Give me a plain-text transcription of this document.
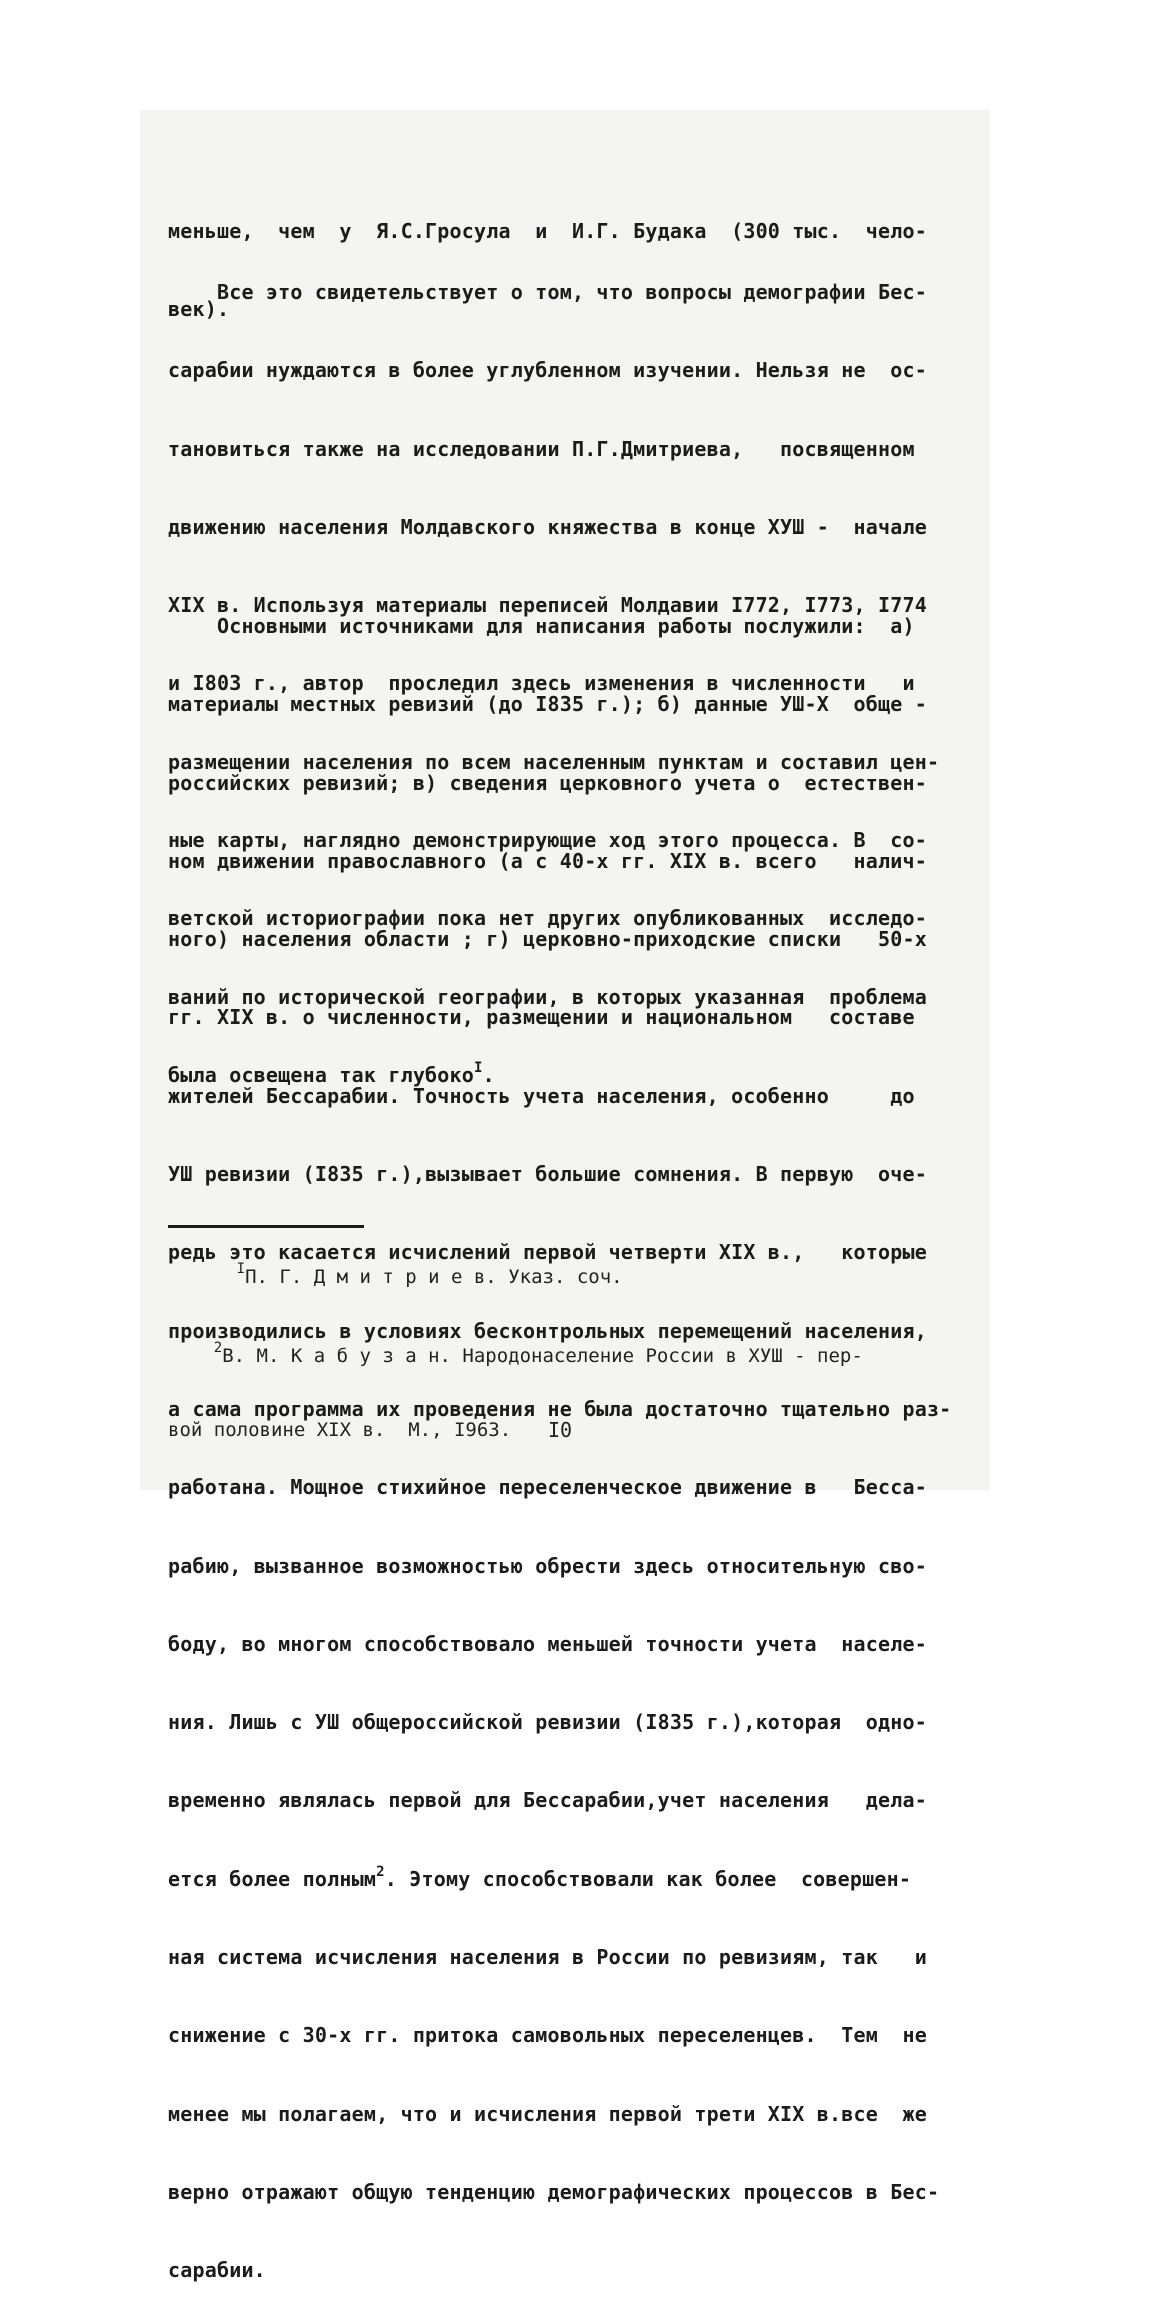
меньше,  чем  у  Я.С.Гросула  и  И.Г. Будака  (300 тыс.  чело-

век).

Все это свидетельствует о том, что вопросы демографии Бес-

сарабии нуждаются в более углубленном изучении. Нельзя не  ос-

тановиться также на исследовании П.Г.Дмитриева,   посвященном

движению населения Молдавского княжества в конце ХУШ -  начале

XIX в. Используя материалы переписей Молдавии I772, I773, I774

и I803 г., автор  проследил здесь изменения в численности   и

размещении населения по всем населенным пунктам и составил цен-

ные карты, наглядно демонстрирующие ход этого процесса. В  со-

ветской историографии пока нет других опубликованных  исследо-

ваний по исторической географии, в которых указанная  проблема

была освещена так глубоко$^I$.

Основными источниками для написания работы послужили:  а)

материалы местных ревизий (до I835 г.); б) данные УШ-Х  обще -

российских ревизий; в) сведения церковного учета о  естествен-

ном движении православного (а с 40-х гг. XIX в. всего   налич-

ного) населения области ; г) церковно-приходские списки   50-х

гг. XIX в. о численности, размещении и национальном   составе

жителей Бессарабии. Точность учета населения, особенно     до

УШ ревизии (I835 г.),вызывает большие сомнения. В первую  оче-

редь это касается исчислений первой четверти XIX в.,   которые

производились в условиях бесконтрольных перемещений населения,

а сама программа их проведения не была достаточно тщательно раз-

работана. Мощное стихийное переселенческое движение в   Бесса-

рабию, вызванное возможностью обрести здесь относительную сво-

боду, во многом способствовало меньшей точности учета  населе-

ния. Лишь с УШ общероссийской ревизии (I835 г.),которая  одно-

временно являлась первой для Бессарабии,учет населения   дела-

ется более полным$^2$. Этому способствовали как более  совершен-

ная система исчисления населения в России по ревизиям, так   и

снижение с 30-х гг. притока самовольных переселенцев.  Тем  не

менее мы полагаем, что и исчисления первой трети XIX в.все  же

верно отражают общую тенденцию демографических процессов в Бес-

сарабии.

$^I$П. Г. Д м и т р и е в. Указ. соч.

$^2$В. М. К а б у з а н. Народонаселение России в ХУШ - пер-

вой половине XIX в.  М., I963.	I0
